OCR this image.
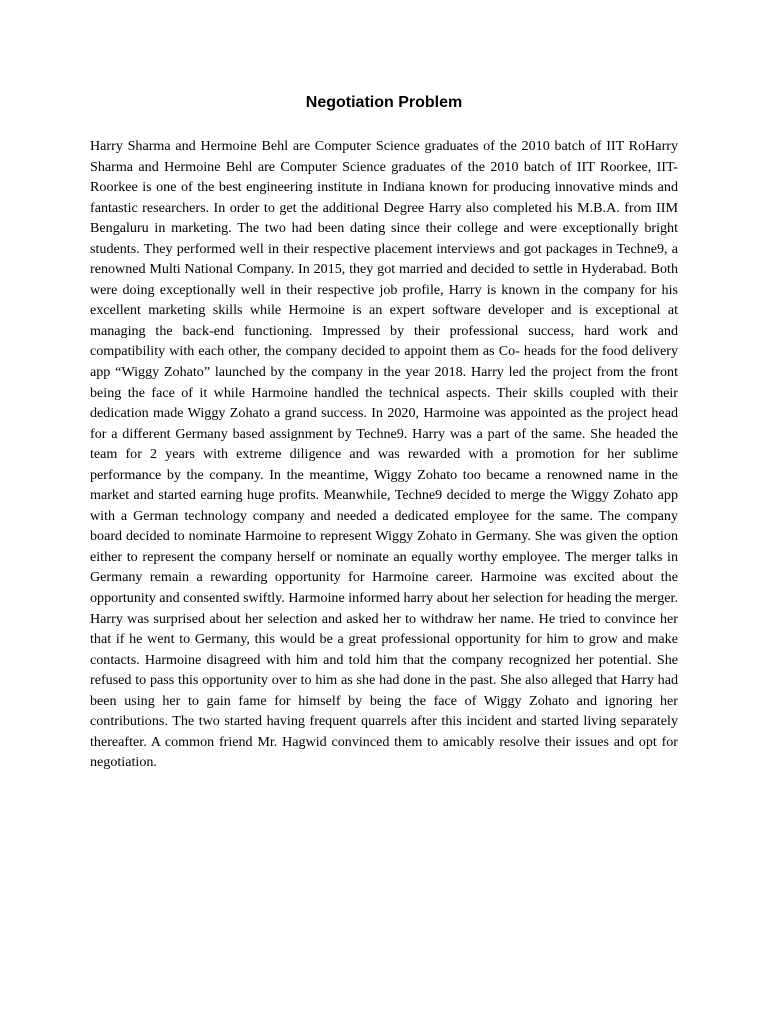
Negotiation Problem

Harry Sharma and Hermoine Behl are Computer Science graduates of the 2010 batch of IIT RoHarry Sharma and Hermoine Behl are Computer Science graduates of the 2010 batch of IIT Roorkee, IIT- Roorkee is one of the best engineering institute in Indiana known for producing innovative minds and fantastic researchers. In order to get the additional Degree Harry also completed his M.B.A. from IIM Bengaluru in marketing. The two had been dating since their college and were exceptionally bright students. They performed well in their respective placement interviews and got packages in Techne9, a renowned Multi National Company. In 2015, they got married and decided to settle in Hyderabad. Both were doing exceptionally well in their respective job profile, Harry is known in the company for his excellent marketing skills while Hermoine is an expert software developer and is exceptional at managing the back-end functioning. Impressed by their professional success, hard work and compatibility with each other, the company decided to appoint them as Co- heads for the food delivery app “Wiggy Zohato” launched by the company in the year 2018. Harry led the project from the front being the face of it while Harmoine handled the technical aspects. Their skills coupled with their dedication made Wiggy Zohato a grand success. In 2020, Harmoine was appointed as the project head for a different Germany based assignment by Techne9. Harry was a part of the same. She headed the team for 2 years with extreme diligence and was rewarded with a promotion for her sublime performance by the company. In the meantime, Wiggy Zohato too became a renowned name in the market and started earning huge profits. Meanwhile, Techne9 decided to merge the Wiggy Zohato app with a German technology company and needed a dedicated employee for the same. The company board decided to nominate Harmoine to represent Wiggy Zohato in Germany. She was given the option either to represent the company herself or nominate an equally worthy employee. The merger talks in Germany remain a rewarding opportunity for Harmoine career. Harmoine was excited about the opportunity and consented swiftly. Harmoine informed harry about her selection for heading the merger. Harry was surprised about her selection and asked her to withdraw her name. He tried to convince her that if he went to Germany, this would be a great professional opportunity for him to grow and make contacts. Harmoine disagreed with him and told him that the company recognized her potential. She refused to pass this opportunity over to him as she had done in the past. She also alleged that Harry had been using her to gain fame for himself by being the face of Wiggy Zohato and ignoring her contributions. The two started having frequent quarrels after this incident and started living separately thereafter. A common friend Mr. Hagwid convinced them to amicably resolve their issues and opt for negotiation.
